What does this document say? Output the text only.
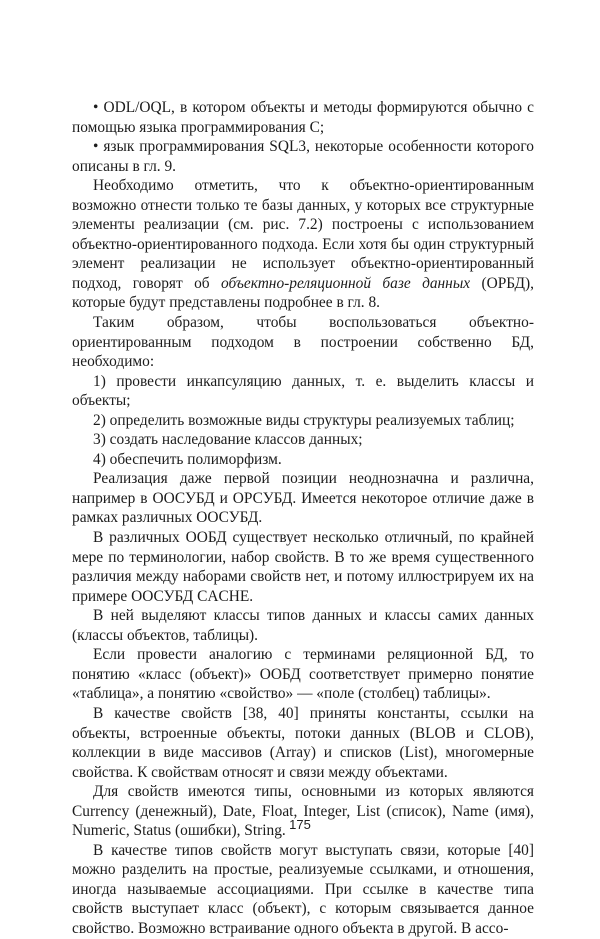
• ODL/OQL, в котором объекты и методы формируются обычно с помощью языка программирования С;

• язык программирования SQL3, некоторые особенности которого описаны в гл. 9.

Необходимо отметить, что к объектно-ориентированным возможно отнести только те базы данных, у которых все структурные элементы реализации (см. рис. 7.2) построены с использованием объектно-ориентированного подхода. Если хотя бы один структурный элемент реализации не использует объектно-ориентированный подход, говорят об объектно-реляционной базе данных (ОРБД), которые будут представлены подробнее в гл. 8.

Таким образом, чтобы воспользоваться объектно-ориентированным подходом в построении собственно БД, необходимо:

1) провести инкапсуляцию данных, т. е. выделить классы и объекты;

2) определить возможные виды структуры реализуемых таблиц;

3) создать наследование классов данных;

4) обеспечить полиморфизм.

Реализация даже первой позиции неоднозначна и различна, например в ООСУБД и ОРСУБД. Имеется некоторое отличие даже в рамках различных ООСУБД.

В различных ООБД существует несколько отличный, по крайней мере по терминологии, набор свойств. В то же время существенного различия между наборами свойств нет, и потому иллюстрируем их на примере ООСУБД CACHE.

В ней выделяют классы типов данных и классы самих данных (классы объектов, таблицы).

Если провести аналогию с терминами реляционной БД, то понятию «класс (объект)» ООБД соответствует примерно понятие «таблица», а понятию «свойство» — «поле (столбец) таблицы».

В качестве свойств [38, 40] приняты константы, ссылки на объекты, встроенные объекты, потоки данных (BLOB и CLOB), коллекции в виде массивов (Array) и списков (List), многомерные свойства. К свойствам относят и связи между объектами.

Для свойств имеются типы, основными из которых являются Currency (денежный), Date, Float, Integer, List (список), Name (имя), Numeric, Status (ошибки), String.

В качестве типов свойств могут выступать связи, которые [40] можно разделить на простые, реализуемые ссылками, и отношения, иногда называемые ассоциациями. При ссылке в качестве типа свойств выступает класс (объект), с которым связывается данное свойство. Возможно встраивание одного объекта в другой. В ассо-

175
